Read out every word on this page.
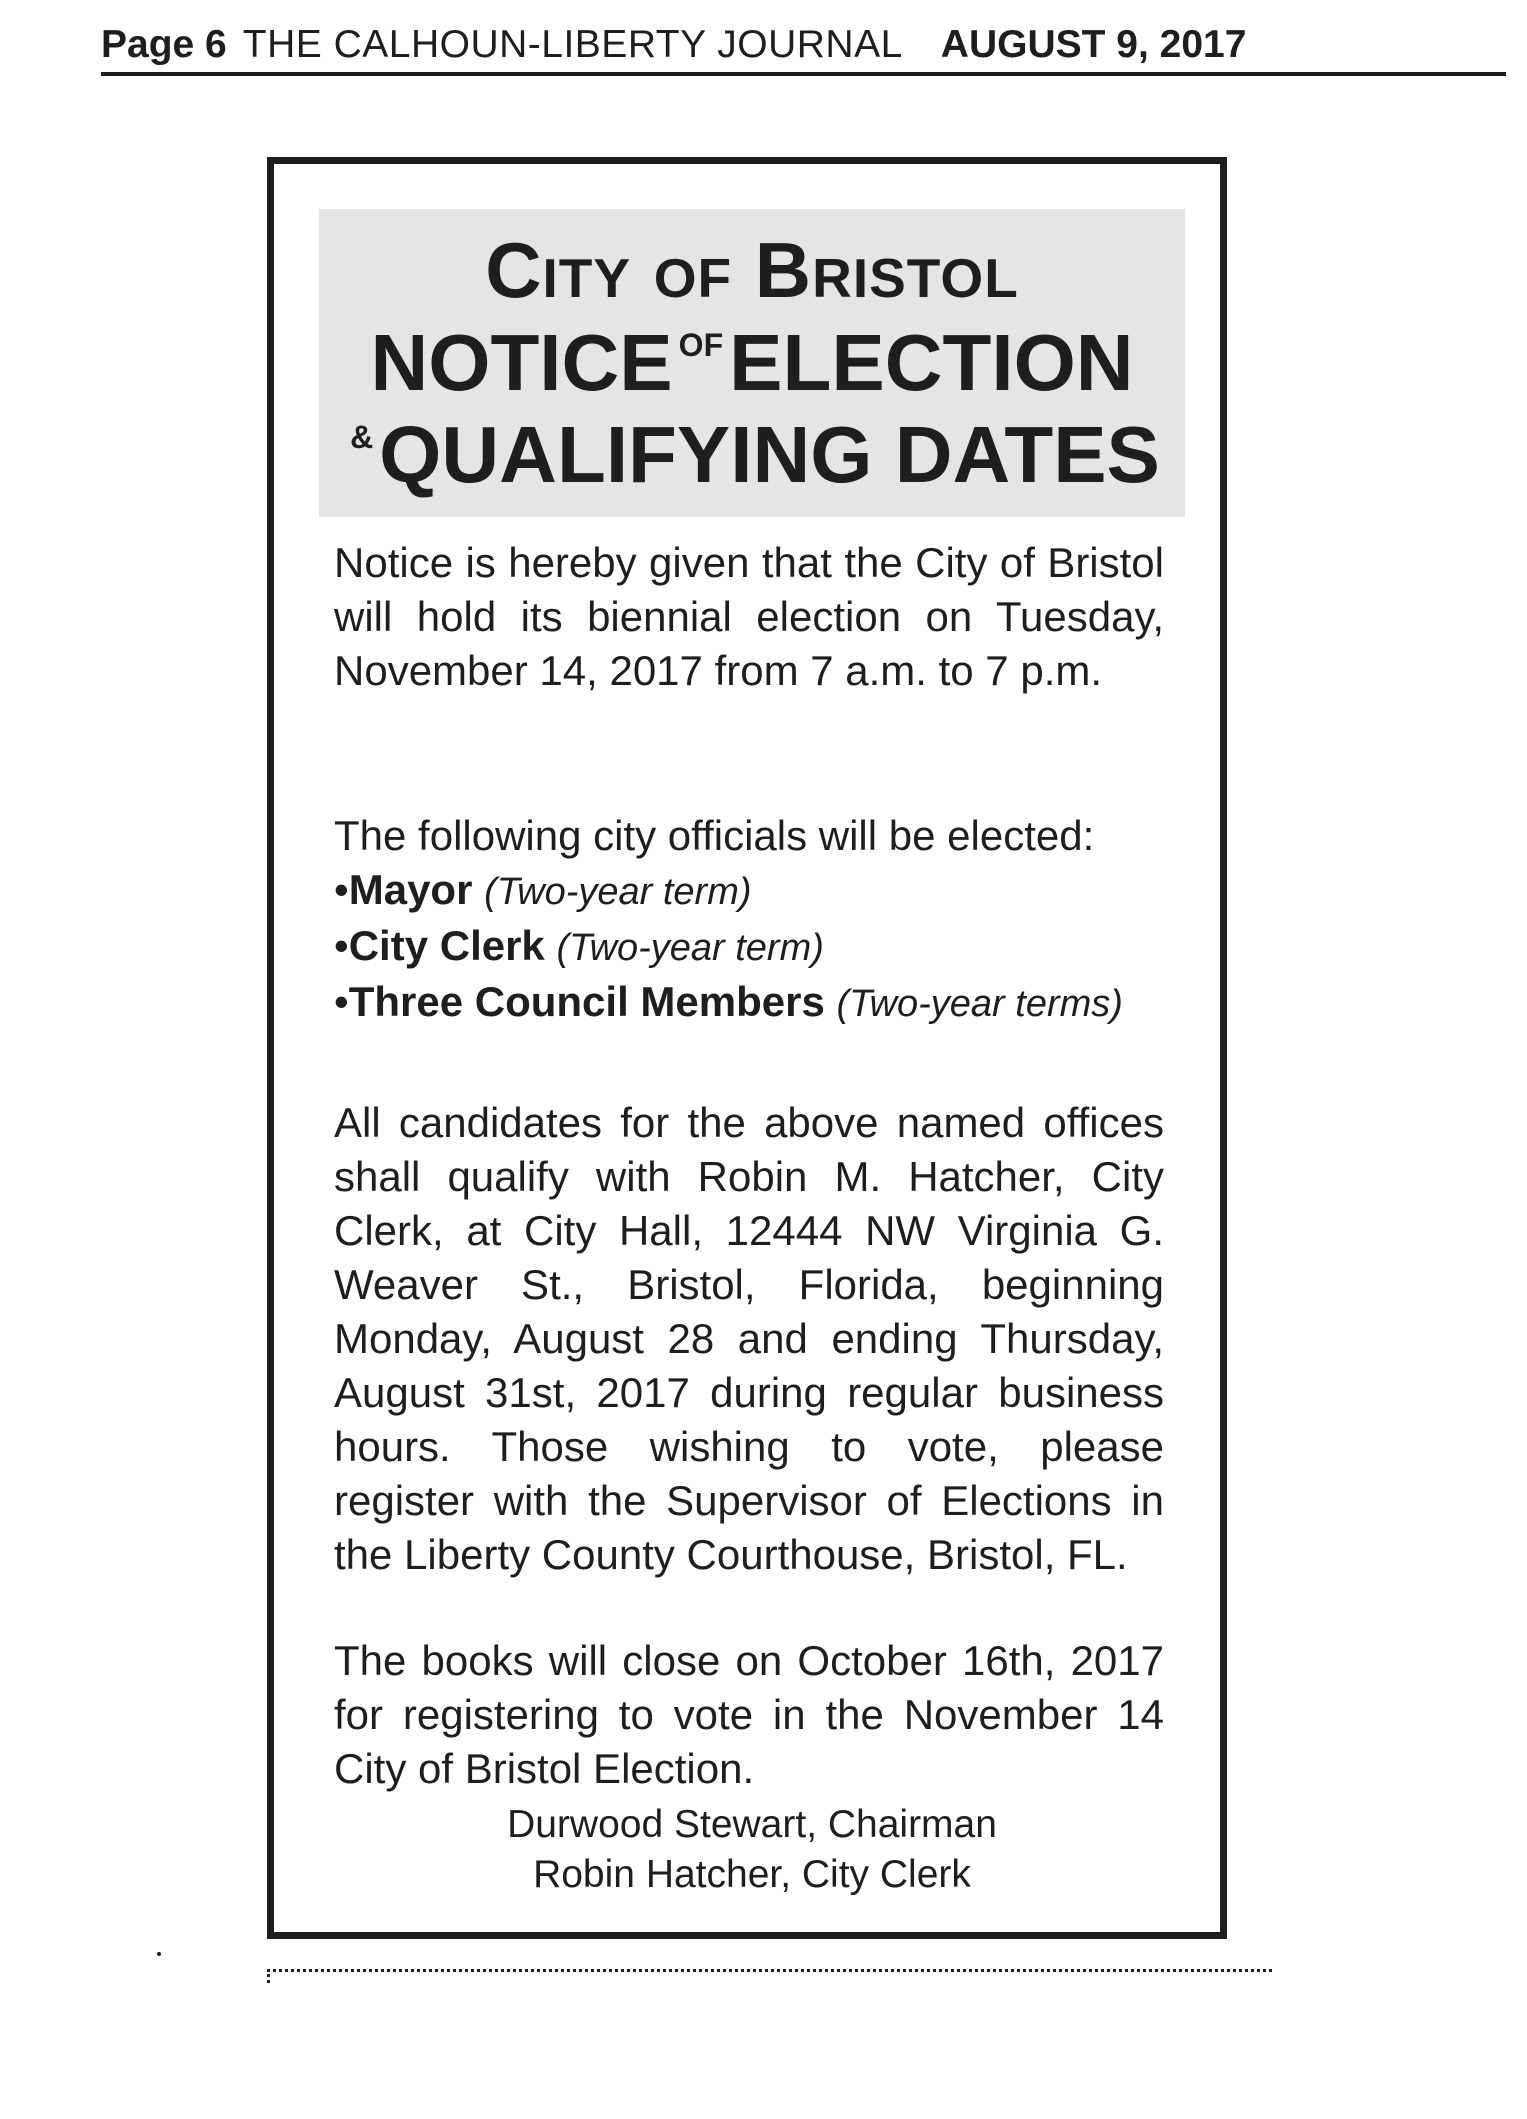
Page 6 THE CALHOUN-LIBERTY JOURNAL AUGUST 9, 2017
City of Bristol
NOTICE $^{OF}$ELECTION
&QUALIFYING DATES
Notice is hereby given that the City of Bristol will hold its biennial election on Tuesday, November 14, 2017 from 7 a.m. to 7 p.m.
The following city officials will be elected:
•Mayor (Two-year term)
•City Clerk (Two-year term)
•Three Council Members (Two-year terms)
All candidates for the above named offices shall qualify with Robin M. Hatcher, City Clerk, at City Hall, 12444 NW Virginia G. Weaver St., Bristol, Florida, beginning Monday, August 28 and ending Thursday, August 31st, 2017 during regular business hours. Those wishing to vote, please register with the Supervisor of Elections in the Liberty County Courthouse, Bristol, FL.
The books will close on October 16th, 2017 for registering to vote in the November 14 City of Bristol Election.
Durwood Stewart, Chairman
Robin Hatcher, City Clerk
